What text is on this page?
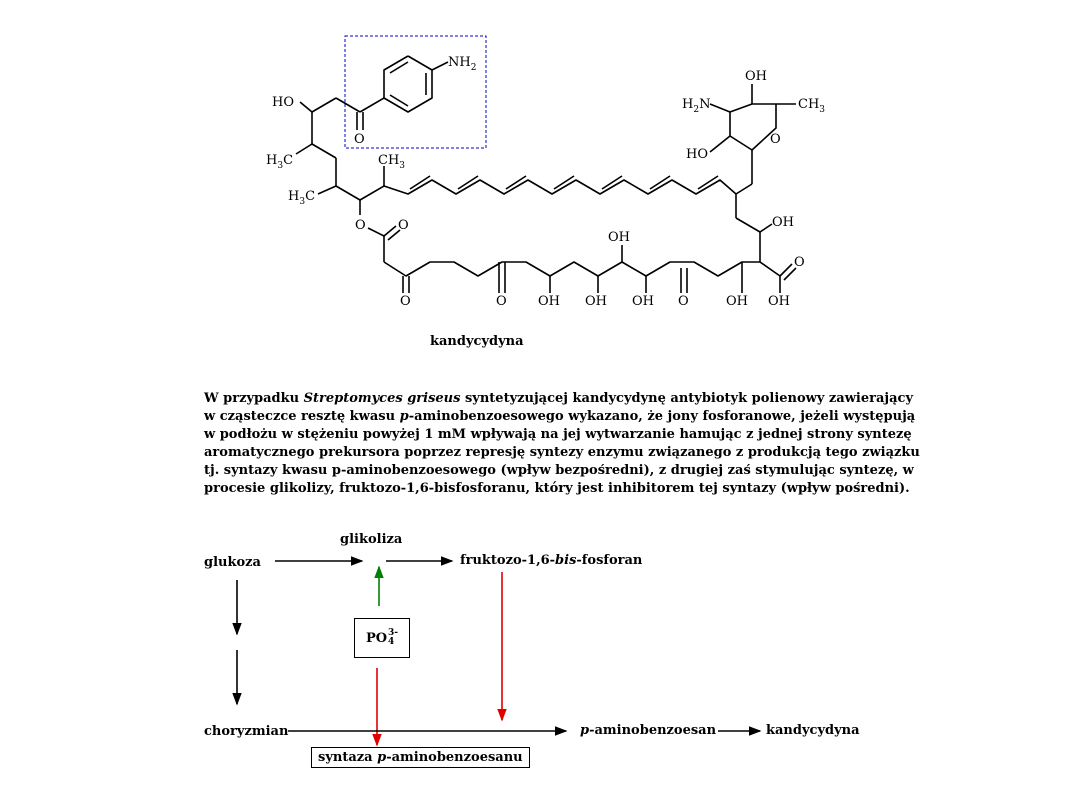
HO
$NH_2$
O
$H_3C$	$CH_3$
$H_3C$
O O
OH
$H_2N$	$CH_3$
O
HO
OH
OH
O
O	O OH OH OH O	OH OH
kandycydyna
W przypadku Streptomyces griseus syntetyzującej kandycydynę antybiotyk polienowy zawierający w cząsteczce resztę kwasu p-aminobenzoesowego wykazano, że jony fosforanowe, jeżeli występują w podłożu w stężeniu powyżej 1 mM wpływają na jej wytwarzanie hamując z jednej strony syntezę aromatycznego prekursora poprzez represję syntezy enzymu związanego z produkcją tego związku tj. syntazy kwasu p-aminobenzoesowego (wpływ bezpośredni), z drugiej zaś stymulując syntezę, w procesie glikolizy, fruktozo-1,6-bisfosforanu, który jest inhibitorem tej syntazy (wpływ pośredni).
glikoliza
glukoza	fruktozo-1,6-bis-fosforan
PO 3-
4
choryzmian	p-aminobenzoesan	kandycydyna
syntaza p-aminobenzoesanu
